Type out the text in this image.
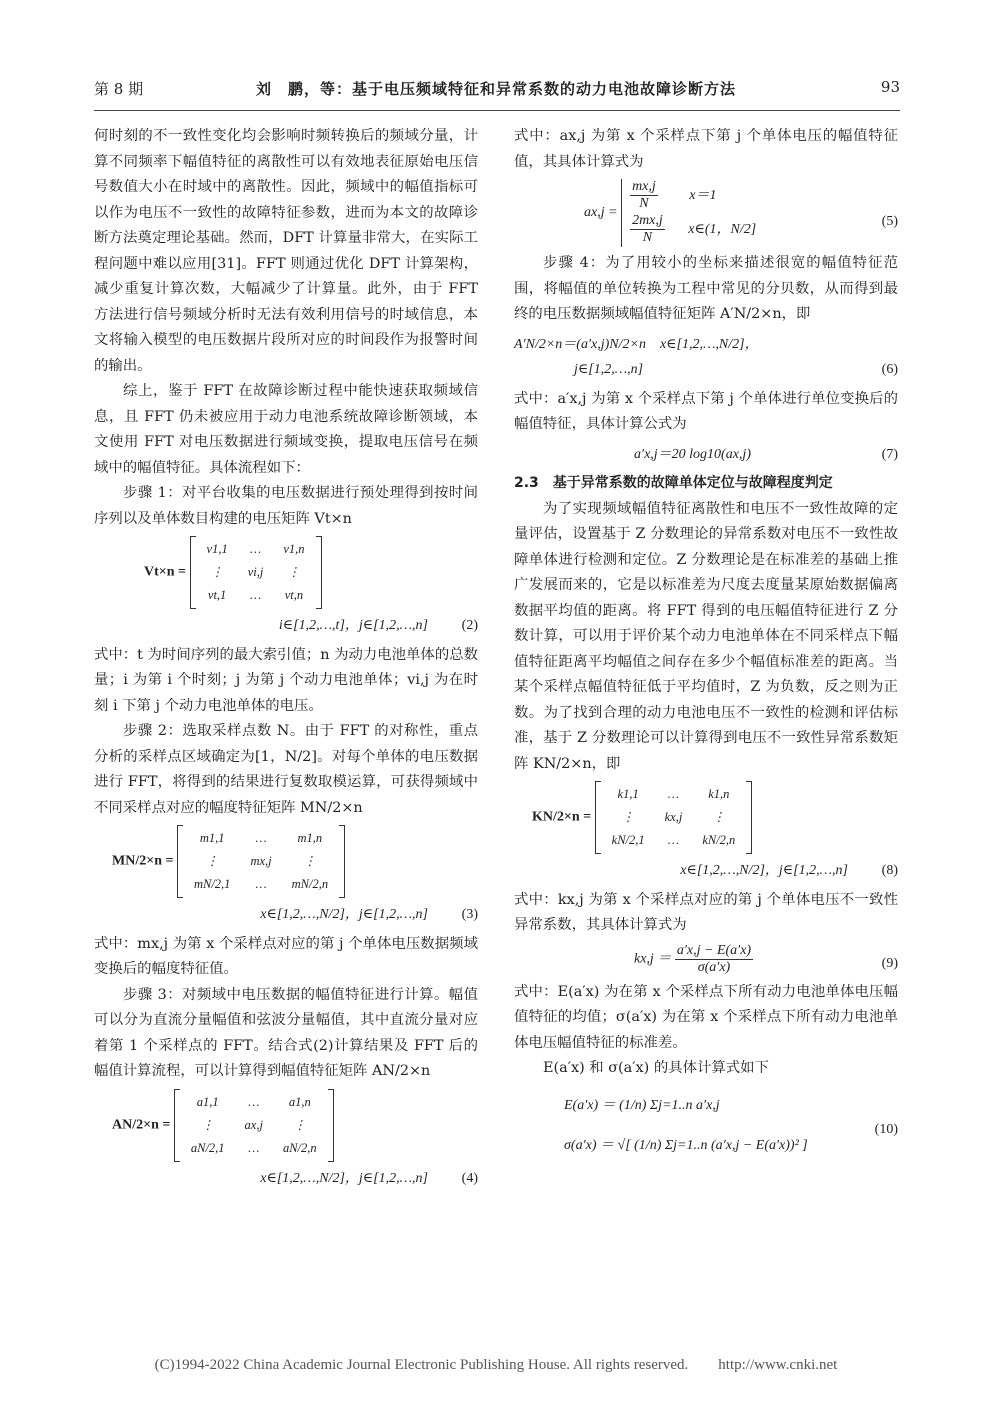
第 8 期	刘　鹏，等：基于电压频域特征和异常系数的动力电池故障诊断方法	93

何时刻的不一致性变化均会影响时频转换后的频域分量，计算不同频率下幅值特征的离散性可以有效地表征原始电压信号数值大小在时域中的离散性。因此，频域中的幅值指标可以作为电压不一致性的故障特征参数，进而为本文的故障诊断方法奠定理论基础。然而，DFT 计算量非常大，在实际工程问题中难以应用[31]。FFT 则通过优化 DFT 计算架构，减少重复计算次数，大幅减少了计算量。此外，由于 FFT 方法进行信号频域分析时无法有效利用信号的时域信息，本文将输入模型的电压数据片段所对应的时间段作为报警时间的输出。

综上，鉴于 FFT 在故障诊断过程中能快速获取频域信息，且 FFT 仍未被应用于动力电池系统故障诊断领域，本文使用 FFT 对电压数据进行频域变换，提取电压信号在频域中的幅值特征。具体流程如下：

步骤 1：对平台收集的电压数据进行预处理得到按时间序列以及单体数目构建的电压矩阵 Vt×n

Vt×n =
v1,1	…	v1,n
⋮	vi,j	⋮
vt,1	…	vt,n
i∈[1,2,…,t]，j∈[1,2,…,n] (2)

式中：t 为时间序列的最大索引值；n 为动力电池单体的总数量；i 为第 i 个时刻；j 为第 j 个动力电池单体；vi,j 为在时刻 i 下第 j 个动力电池单体的电压。

步骤 2：选取采样点数 N。由于 FFT 的对称性，重点分析的采样点区域确定为[1，N/2]。对每个单体的电压数据进行 FFT，将得到的结果进行复数取模运算，可获得频域中不同采样点对应的幅度特征矩阵 MN/2×n

MN/2×n =
m1,1	…	m1,n
⋮	mx,j	⋮
mN/2,1	…	mN/2,n
x∈[1,2,…,N/2]，j∈[1,2,…,n] (3)

式中：mx,j 为第 x 个采样点对应的第 j 个单体电压数据频域变换后的幅度特征值。

步骤 3：对频域中电压数据的幅值特征进行计算。幅值可以分为直流分量幅值和弦波分量幅值，其中直流分量对应着第 1 个采样点的 FFT。结合式(2)计算结果及 FFT 后的幅值计算流程，可以计算得到幅值特征矩阵 AN/2×n

AN/2×n =
a1,1	…	a1,n
⋮	ax,j	⋮
aN/2,1	…	aN/2,n
x∈[1,2,…,N/2]，j∈[1,2,…,n] (4)

式中：ax,j 为第 x 个采样点下第 j 个单体电压的幅值特征值，其具体计算式为

ax,j =
$\frac{mx,j}{N} x=1$
$\frac{2mx,j}{N}$ x∈(1，N/2]
(5)

步骤 4：为了用较小的坐标来描述很宽的幅值特征范围，将幅值的单位转换为工程中常见的分贝数，从而得到最终的电压数据频域幅值特征矩阵 A′N/2×n，即

A′N/2×n＝(a′x,j)N/2×n　x∈[1,2,…,N/2]，
j∈[1,2,…,n]	(6)

式中：a′x,j 为第 x 个采样点下第 j 个单体进行单位变换后的幅值特征，具体计算公式为

a′x,j＝20 log10(ax,j)	(7)

2.3　基于异常系数的故障单体定位与故障程度判定

为了实现频域幅值特征离散性和电压不一致性故障的定量评估，设置基于 Z 分数理论的异常系数对电压不一致性故障单体进行检测和定位。Z 分数理论是在标准差的基础上推广发展而来的，它是以标准差为尺度去度量某原始数据偏离数据平均值的距离。将 FFT 得到的电压幅值特征进行 Z 分数计算，可以用于评价某个动力电池单体在不同采样点下幅值特征距离平均幅值之间存在多少个幅值标准差的距离。当某个采样点幅值特征低于平均值时，Z 为负数，反之则为正数。为了找到合理的动力电池电压不一致性的检测和评估标准，基于 Z 分数理论可以计算得到电压不一致性异常系数矩阵 KN/2×n，即

KN/2×n =
k1,1	…	k1,n
⋮	kx,j	⋮
kN/2,1	…	kN/2,n
x∈[1,2,…,N/2]，j∈[1,2,…,n] (8)

式中：kx,j 为第 x 个采样点对应的第 j 个单体电压不一致性异常系数，其具体计算式为

$kx,j = \frac{a'x,j - E(a'x)}{\sigma(a'x)}$	(9)

式中：E(a′x) 为在第 x 个采样点下所有动力电池单体电压幅值特征的均值；σ(a′x) 为在第 x 个采样点下所有动力电池单体电压幅值特征的标准差。

E(a′x) 和 σ(a′x) 的具体计算式如下

E(a′x) ＝ (1/n) Σj=1..n a′x,j
σ(a′x) ＝ √[ (1/n) Σj=1..n (a′x,j − E(a′x))² ]
(10)
(C)1994-2022 China Academic Journal Electronic Publishing House. All rights reserved.　　http://www.cnki.net
